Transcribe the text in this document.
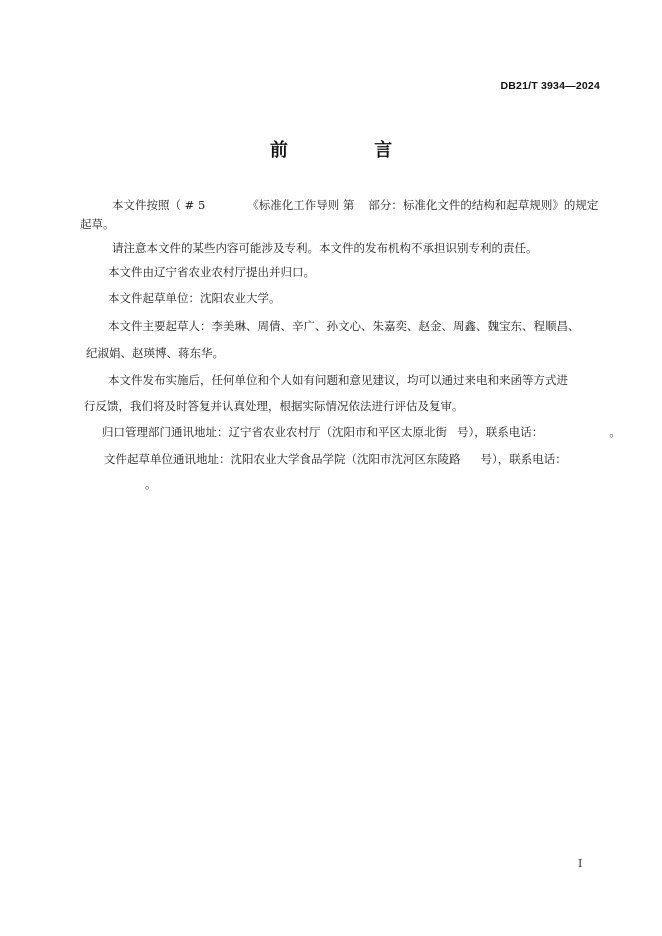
DB21/T 3934—2024
前 言
本文件按照（ # 5	《标准化工作导则 第 部分：标准化文件的结构和起草规则》的规定
起草。
请注意本文件的某些内容可能涉及专利。本文件的发布机构不承担识别专利的责任。
本文件由辽宁省农业农村厅提出并归口。
本文件起草单位：沈阳农业大学。
本文件主要起草人：李美琳、周倩、辛广、孙文心、朱嘉奕、赵金、周鑫、魏宝东、程顺昌、
纪淑娟、赵瑛博、蒋东华。
本文件发布实施后，任何单位和个人如有问题和意见建议，均可以通过来电和来函等方式进
行反馈，我们将及时答复并认真处理，根据实际情况依法进行评估及复审。
归口管理部门通讯地址：辽宁省农业农村厅（沈阳市和平区太原北街 号），联系电话：	。
文件起草单位通讯地址：沈阳农业大学食品学院（沈阳市沈河区东陵路 号），联系电话：
。
I
